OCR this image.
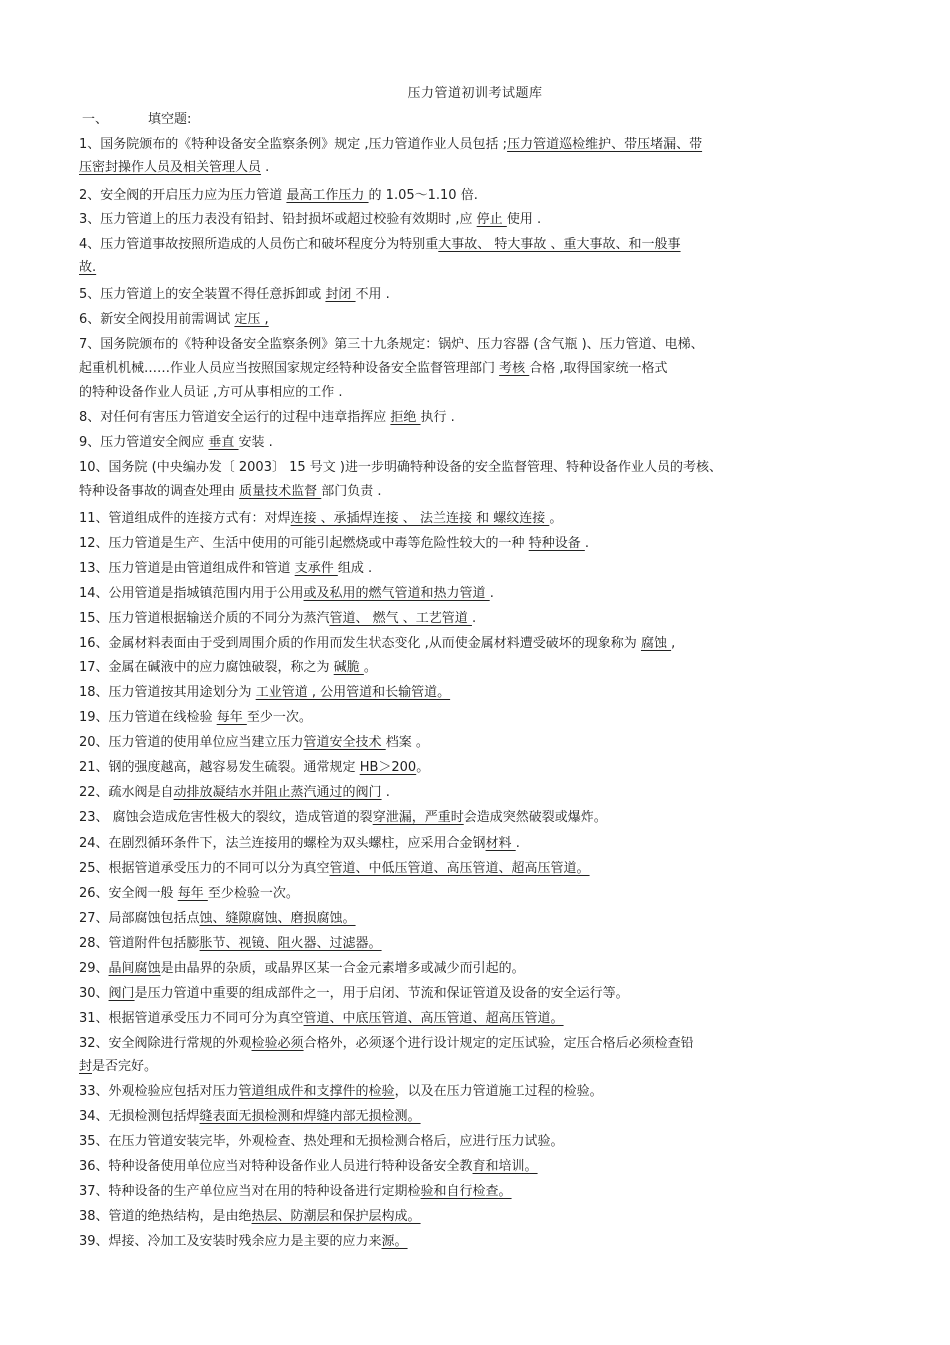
压力管道初训考试题库
一、	填空题:
1、国务院颁布的《特种设备安全监察条例》规定 ,压力管道作业人员包括 ;压力管道巡检维护、带压堵漏、带
压密封操作人员及相关管理人员 .
2、安全阀的开启压力应为压力管道 最高工作压力 的 1.05～1.10 倍.
3、压力管道上的压力表没有铅封、铅封损坏或超过校验有效期时 ,应 停止 使用 .
4、压力管道事故按照所造成的人员伤亡和破坏程度分为特别重大事故、 特大事故 、重大事故、和一般事
故.
5、压力管道上的安全装置不得任意拆卸或 封闭 不用 .
6、新安全阀投用前需调试 定压 ,
7、国务院颁布的《特种设备安全监察条例》第三十九条规定：锅炉、压力容器 (含气瓶 )、压力管道、电梯、
起重机机械……作业人员应当按照国家规定经特种设备安全监督管理部门 考核 合格 ,取得国家统一格式
的特种设备作业人员证 ,方可从事相应的工作 .
8、对任何有害压力管道安全运行的过程中违章指挥应 拒绝 执行 .
9、压力管道安全阀应 垂直 安装 .
10、国务院 (中央编办发〔 2003〕 15 号文 )进一步明确特种设备的安全监督管理、特种设备作业人员的考核、
特种设备事故的调查处理由 质量技术监督 部门负责 .
11、管道组成件的连接方式有：对焊连接 、承插焊连接 、 法兰连接 和 螺纹连接 。
12、压力管道是生产、生活中使用的可能引起燃烧或中毒等危险性较大的一种 特种设备 .
13、压力管道是由管道组成件和管道 支承件 组成 .
14、公用管道是指城镇范围内用于公用或及私用的燃气管道和热力管道 .
15、压力管道根据输送介质的不同分为蒸汽管道、 燃气 、工艺管道 .
16、金属材料表面由于受到周围介质的作用而发生状态变化 ,从而使金属材料遭受破坏的现象称为 腐蚀 ,
17、金属在碱液中的应力腐蚀破裂，称之为 碱脆 。
18、压力管道按其用途划分为 工业管道 , 公用管道和长输管道。
19、压力管道在线检验 每年 至少一次。
20、压力管道的使用单位应当建立压力管道安全技术 档案 。
21、钢的强度越高，越容易发生硫裂。通常规定 HB＞200。
22、疏水阀是自动排放凝结水并阻止蒸汽通过的阀门 .
23、 腐蚀会造成危害性极大的裂纹，造成管道的裂穿泄漏，严重时会造成突然破裂或爆炸。
24、在剧烈循环条件下，法兰连接用的螺栓为双头螺柱，应采用合金钢材料 .
25、根据管道承受压力的不同可以分为真空管道、中低压管道、高压管道、超高压管道。
26、安全阀一般 每年 至少检验一次。
27、局部腐蚀包括点蚀、缝隙腐蚀、磨损腐蚀。
28、管道附件包括膨胀节、视镜、阻火器、过滤器。
29、晶间腐蚀是由晶界的杂质，或晶界区某一合金元素增多或减少而引起的。
30、阀门是压力管道中重要的组成部件之一，用于启闭、节流和保证管道及设备的安全运行等。
31、根据管道承受压力不同可分为真空管道、中底压管道、高压管道、超高压管道。
32、安全阀除进行常规的外观检验必须合格外，必须逐个进行设计规定的定压试验，定压合格后必须检查铅
封是否完好。
33、外观检验应包括对压力管道组成件和支撑件的检验，以及在压力管道施工过程的检验。
34、无损检测包括焊缝表面无损检测和焊缝内部无损检测。
35、在压力管道安装完毕，外观检查、热处理和无损检测合格后，应进行压力试验。
36、特种设备使用单位应当对特种设备作业人员进行特种设备安全教育和培训。
37、特种设备的生产单位应当对在用的特种设备进行定期检验和自行检查。
38、管道的绝热结构，是由绝热层、防潮层和保护层构成。
39、焊接、冷加工及安装时残余应力是主要的应力来源。
